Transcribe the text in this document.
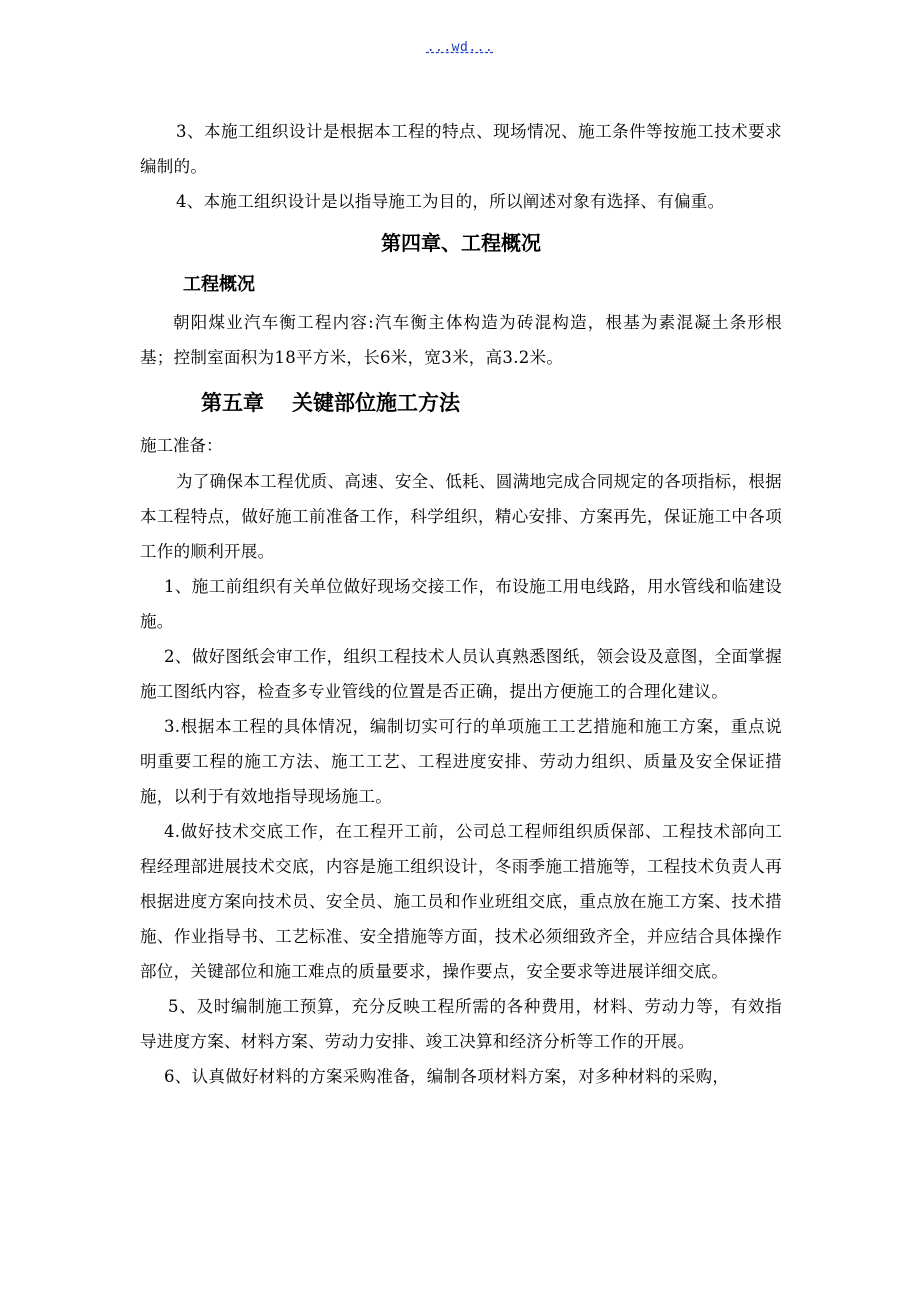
...wd...

3、本施工组织设计是根据本工程的特点、现场情况、施工条件等按施工技术要求编制的。

4、本施工组织设计是以指导施工为目的，所以阐述对象有选择、有偏重。

第四章、工程概况
工程概况

朝阳煤业汽车衡工程内容:汽车衡主体构造为砖混构造，根基为素混凝土条形根基；控制室面积为18平方米，长6米，宽3米，高3.2米。

第五章 关键部位施工方法

施工准备：

为了确保本工程优质、高速、安全、低耗、圆满地完成合同规定的各项指标，根据本工程特点，做好施工前准备工作，科学组织，精心安排、方案再先，保证施工中各项工作的顺利开展。

1、施工前组织有关单位做好现场交接工作，布设施工用电线路，用水管线和临建设施。

2、做好图纸会审工作，组织工程技术人员认真熟悉图纸，领会设及意图，全面掌握施工图纸内容，检查多专业管线的位置是否正确，提出方便施工的合理化建议。

3.根据本工程的具体情况，编制切实可行的单项施工工艺措施和施工方案，重点说明重要工程的施工方法、施工工艺、工程进度安排、劳动力组织、质量及安全保证措施，以利于有效地指导现场施工。

4.做好技术交底工作，在工程开工前，公司总工程师组织质保部、工程技术部向工程经理部进展技术交底，内容是施工组织设计，冬雨季施工措施等，工程技术负责人再根据进度方案向技术员、安全员、施工员和作业班组交底，重点放在施工方案、技术措施、作业指导书、工艺标准、安全措施等方面，技术必须细致齐全，并应结合具体操作部位，关键部位和施工难点的质量要求，操作要点，安全要求等进展详细交底。

5、及时编制施工预算，充分反映工程所需的各种费用，材料、劳动力等，有效指导进度方案、材料方案、劳动力安排、竣工决算和经济分析等工作的开展。

6、认真做好材料的方案采购准备，编制各项材料方案，对多种材料的采购，
